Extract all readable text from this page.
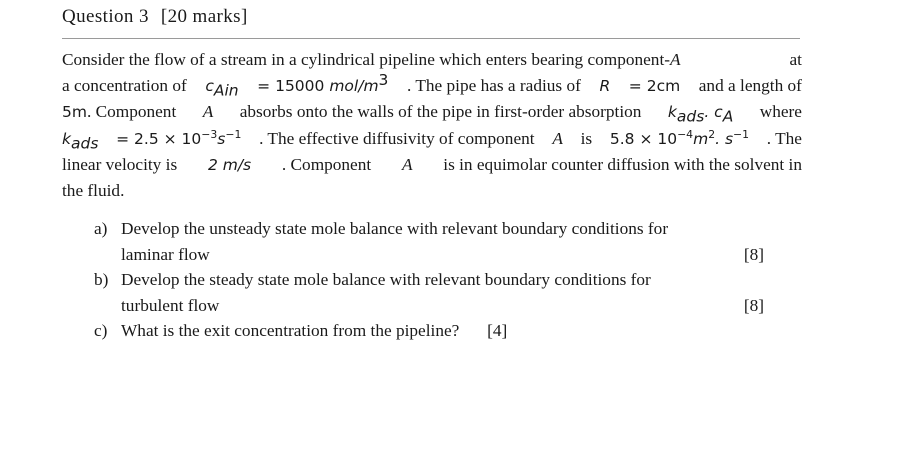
Question 3 [20 marks]
Consider the flow of a stream in a cylindrical pipeline which enters bearing component-A	at
a concentration of $c_{Ain} = 15000$ mol/$m^3$ . The pipe has a radius of R = 2cm and a length of
5m. Component A absorbs onto the walls of the pipe in first-order absorption $k_{ads}$. $c_A$ where
$k_{ads} = 2.5 \times 10^{-3}s^{-1}$ . The effective diffusivity of component A is $5.8 \times 10^{-4}m^2$. $s^{-1}$ . The
linear velocity is 2 m/s . Component A is in equimolar counter diffusion with the solvent in
the fluid.
a) Develop the unsteady state mole balance with relevant boundary conditions for
laminar flow	[8]
b) Develop the steady state mole balance with relevant boundary conditions for
turbulent flow	[8]
c) What is the exit concentration from the pipeline? [4]
